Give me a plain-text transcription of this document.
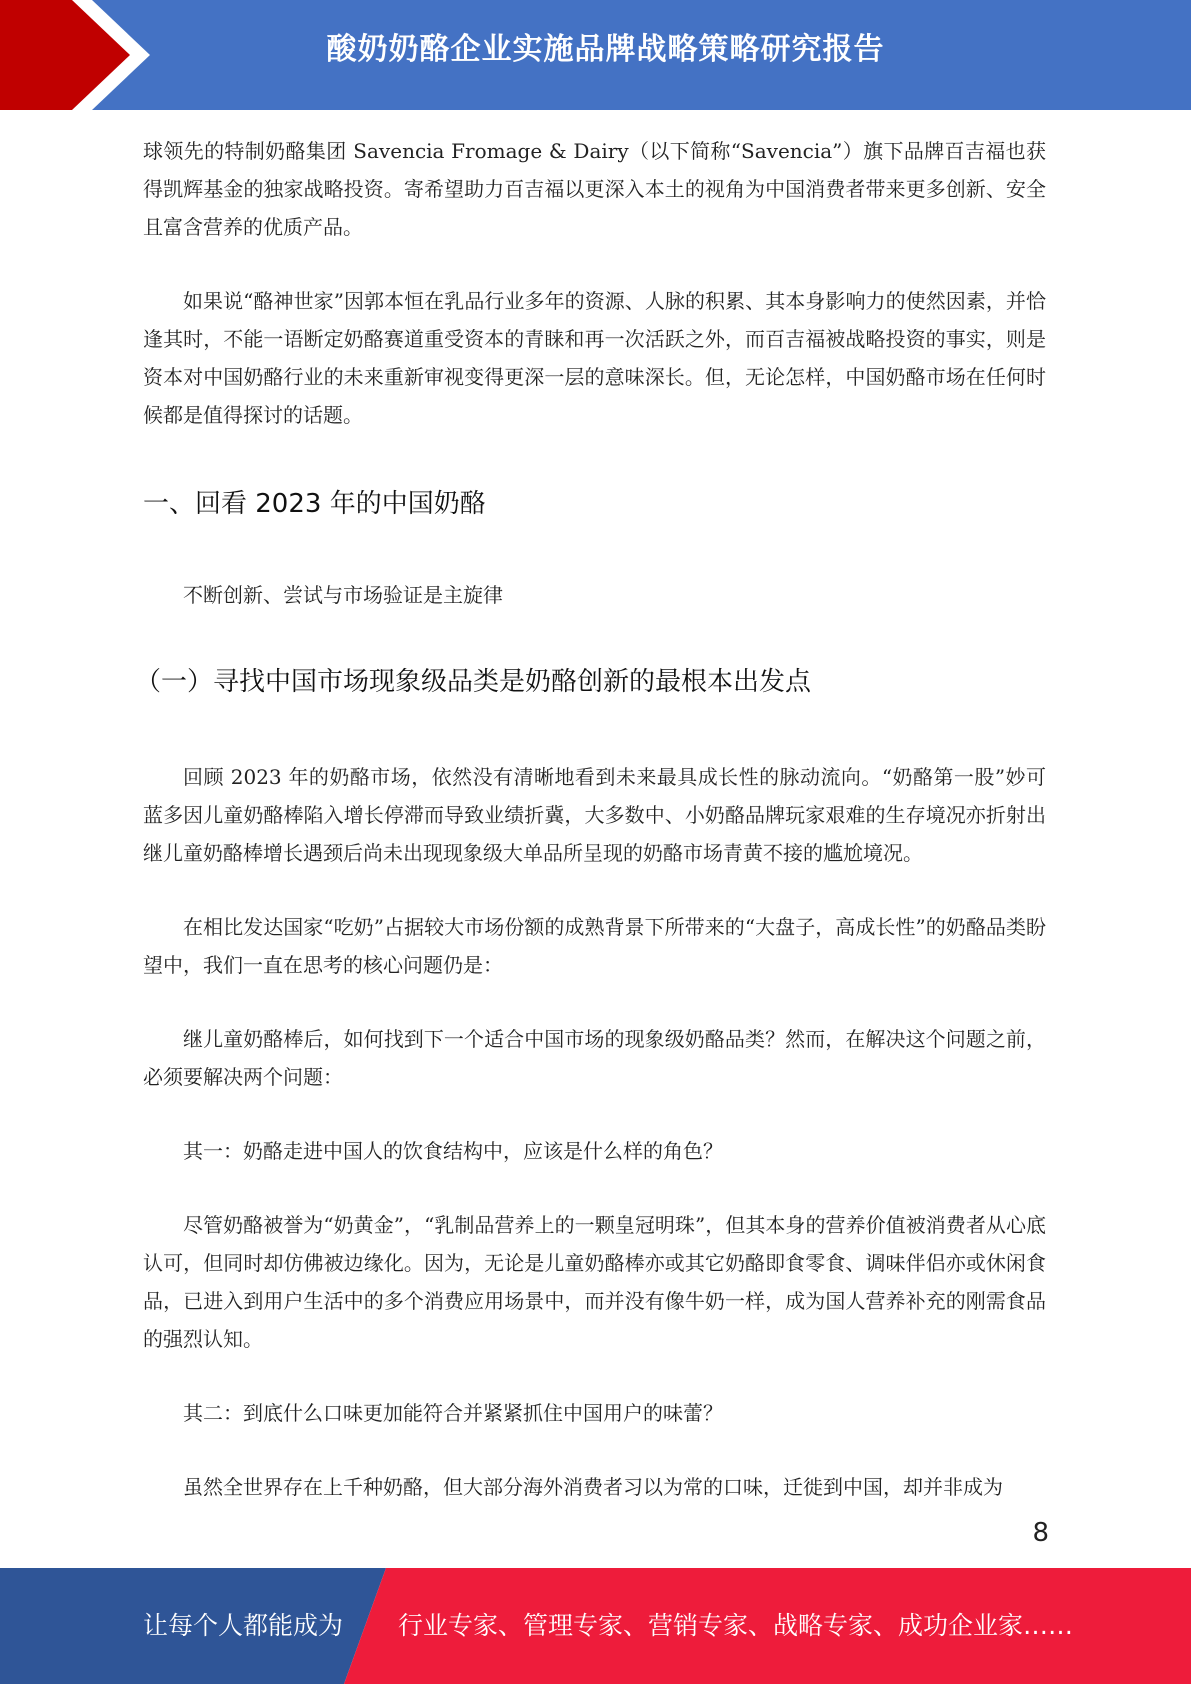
酸奶奶酪企业实施品牌战略策略研究报告

球领先的特制奶酪集团 Savencia Fromage & Dairy（以下简称“Savencia”）旗下品牌百吉福也获得凯辉基金的独家战略投资。寄希望助力百吉福以更深入本土的视角为中国消费者带来更多创新、安全且富含营养的优质产品。

如果说“酪神世家”因郭本恒在乳品行业多年的资源、人脉的积累、其本身影响力的使然因素，并恰逢其时，不能一语断定奶酪赛道重受资本的青睐和再一次活跃之外，而百吉福被战略投资的事实，则是资本对中国奶酪行业的未来重新审视变得更深一层的意味深长。但，无论怎样，中国奶酪市场在任何时候都是值得探讨的话题。

一、回看 2023 年的中国奶酪

不断创新、尝试与市场验证是主旋律

（一）寻找中国市场现象级品类是奶酪创新的最根本出发点

回顾 2023 年的奶酪市场，依然没有清晰地看到未来最具成长性的脉动流向。“奶酪第一股”妙可蓝多因儿童奶酪棒陷入增长停滞而导致业绩折冀，大多数中、小奶酪品牌玩家艰难的生存境况亦折射出继儿童奶酪棒增长遇颈后尚未出现现象级大单品所呈现的奶酪市场青黄不接的尴尬境况。

在相比发达国家“吃奶”占据较大市场份额的成熟背景下所带来的“大盘子，高成长性”的奶酪品类盼望中，我们一直在思考的核心问题仍是：

继儿童奶酪棒后，如何找到下一个适合中国市场的现象级奶酪品类？然而，在解决这个问题之前，必须要解决两个问题：

其一：奶酪走进中国人的饮食结构中，应该是什么样的角色？

尽管奶酪被誉为“奶黄金”，“乳制品营养上的一颗皇冠明珠”，但其本身的营养价值被消费者从心底认可，但同时却仿佛被边缘化。因为，无论是儿童奶酪棒亦或其它奶酪即食零食、调味伴侣亦或休闲食品，已进入到用户生活中的多个消费应用场景中，而并没有像牛奶一样，成为国人营养补充的刚需食品的强烈认知。

其二：到底什么口味更加能符合并紧紧抓住中国用户的味蕾？

虽然全世界存在上千种奶酪，但大部分海外消费者习以为常的口味，迁徙到中国，却并非成为

8
让每个人都能成为 行业专家、管理专家、营销专家、战略专家、成功企业家……
